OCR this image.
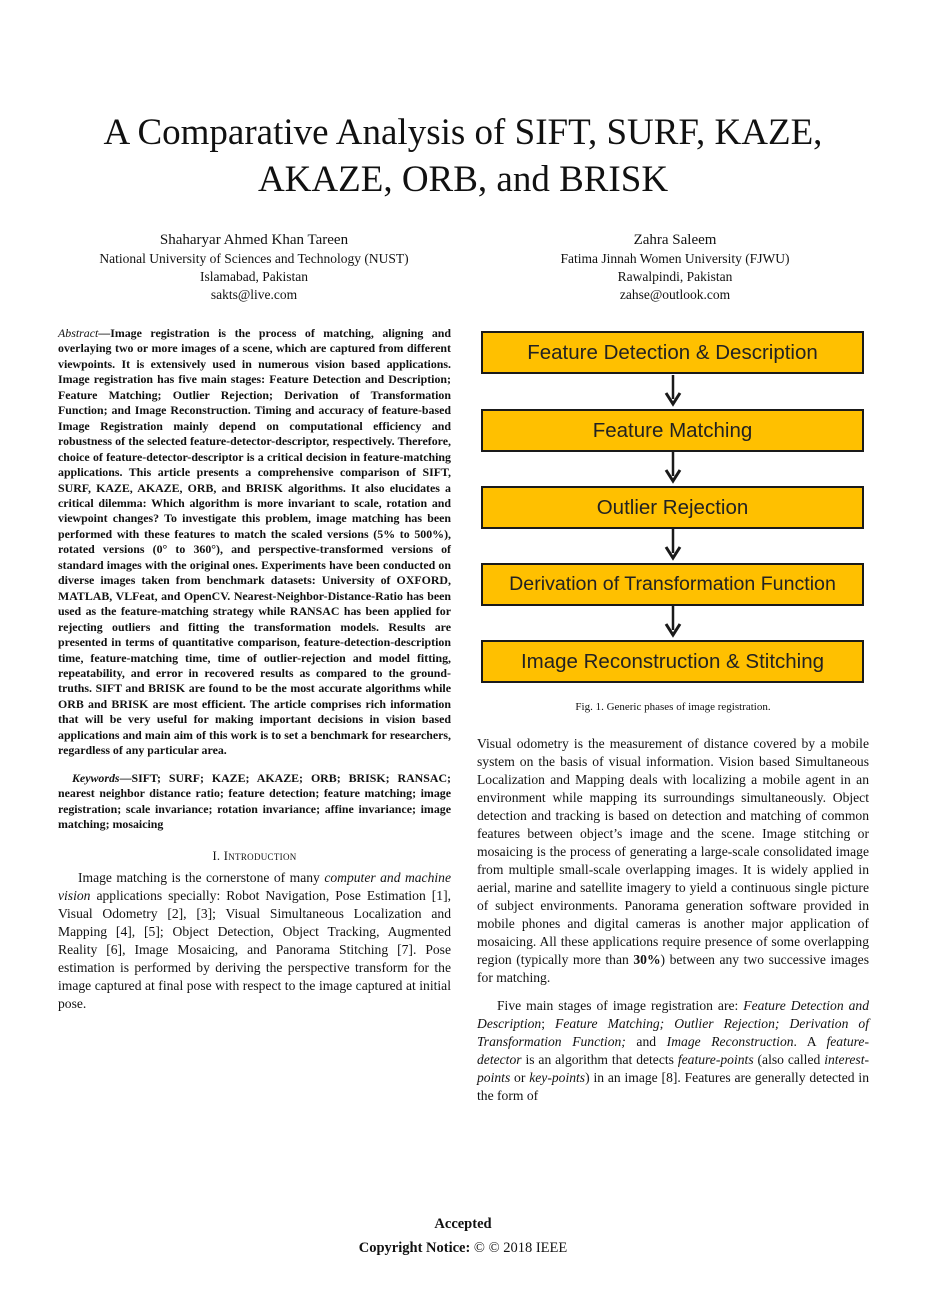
A Comparative Analysis of SIFT, SURF, KAZE, AKAZE, ORB, and BRISK
Shaharyar Ahmed Khan Tareen
National University of Sciences and Technology (NUST)
Islamabad, Pakistan
sakts@live.com
Zahra Saleem
Fatima Jinnah Women University (FJWU)
Rawalpindi, Pakistan
zahse@outlook.com

Abstract—Image registration is the process of matching, aligning and overlaying two or more images of a scene, which are captured from different viewpoints. It is extensively used in numerous vision based applications. Image registration has five main stages: Feature Detection and Description; Feature Matching; Outlier Rejection; Derivation of Transformation Function; and Image Reconstruction. Timing and accuracy of feature-based Image Registration mainly depend on computational efficiency and robustness of the selected feature-detector-descriptor, respectively. Therefore, choice of feature-detector-descriptor is a critical decision in feature-matching applications. This article presents a comprehensive comparison of SIFT, SURF, KAZE, AKAZE, ORB, and BRISK algorithms. It also elucidates a critical dilemma: Which algorithm is more invariant to scale, rotation and viewpoint changes? To investigate this problem, image matching has been performed with these features to match the scaled versions (5% to 500%), rotated versions (0° to 360°), and perspective-transformed versions of standard images with the original ones. Experiments have been conducted on diverse images taken from benchmark datasets: University of OXFORD, MATLAB, VLFeat, and OpenCV. Nearest-Neighbor-Distance-Ratio has been used as the feature-matching strategy while RANSAC has been applied for rejecting outliers and fitting the transformation models. Results are presented in terms of quantitative comparison, feature-detection-description time, feature-matching time, time of outlier-rejection and model fitting, repeatability, and error in recovered results as compared to the ground-truths. SIFT and BRISK are found to be the most accurate algorithms while ORB and BRISK are most efficient. The article comprises rich information that will be very useful for making important decisions in vision based applications and main aim of this work is to set a benchmark for researchers, regardless of any particular area.

Keywords—SIFT; SURF; KAZE; AKAZE; ORB; BRISK; RANSAC; nearest neighbor distance ratio; feature detection; feature matching; image registration; scale invariance; rotation invariance; affine invariance; image matching; mosaicing

I. Introduction

Image matching is the cornerstone of many computer and machine vision applications specially: Robot Navigation, Pose Estimation [1], Visual Odometry [2], [3]; Visual Simultaneous Localization and Mapping [4], [5]; Object Detection, Object Tracking, Augmented Reality [6], Image Mosaicing, and Panorama Stitching [7]. Pose estimation is performed by deriving the perspective transform for the image captured at final pose with respect to the image captured at initial pose.

Feature Detection & Description
Feature Matching
Outlier Rejection
Derivation of Transformation Function
Image Reconstruction & Stitching
Fig. 1. Generic phases of image registration.

Visual odometry is the measurement of distance covered by a mobile system on the basis of visual information. Vision based Simultaneous Localization and Mapping deals with localizing a mobile agent in an environment while mapping its surroundings simultaneously. Object detection and tracking is based on detection and matching of common features between object’s image and the scene. Image stitching or mosaicing is the process of generating a large-scale consolidated image from multiple small-scale overlapping images. It is widely applied in aerial, marine and satellite imagery to yield a continuous single picture of subject environments. Panorama generation software provided in mobile phones and digital cameras is another major application of mosaicing. All these applications require presence of some overlapping region (typically more than 30%) between any two successive images for matching.

Five main stages of image registration are: Feature Detection and Description; Feature Matching; Outlier Rejection; Derivation of Transformation Function; and Image Reconstruction. A feature-detector is an algorithm that detects feature-points (also called interest-points or key-points) in an image [8]. Features are generally detected in the form of

Accepted
Copyright Notice: © © 2018 IEEE
